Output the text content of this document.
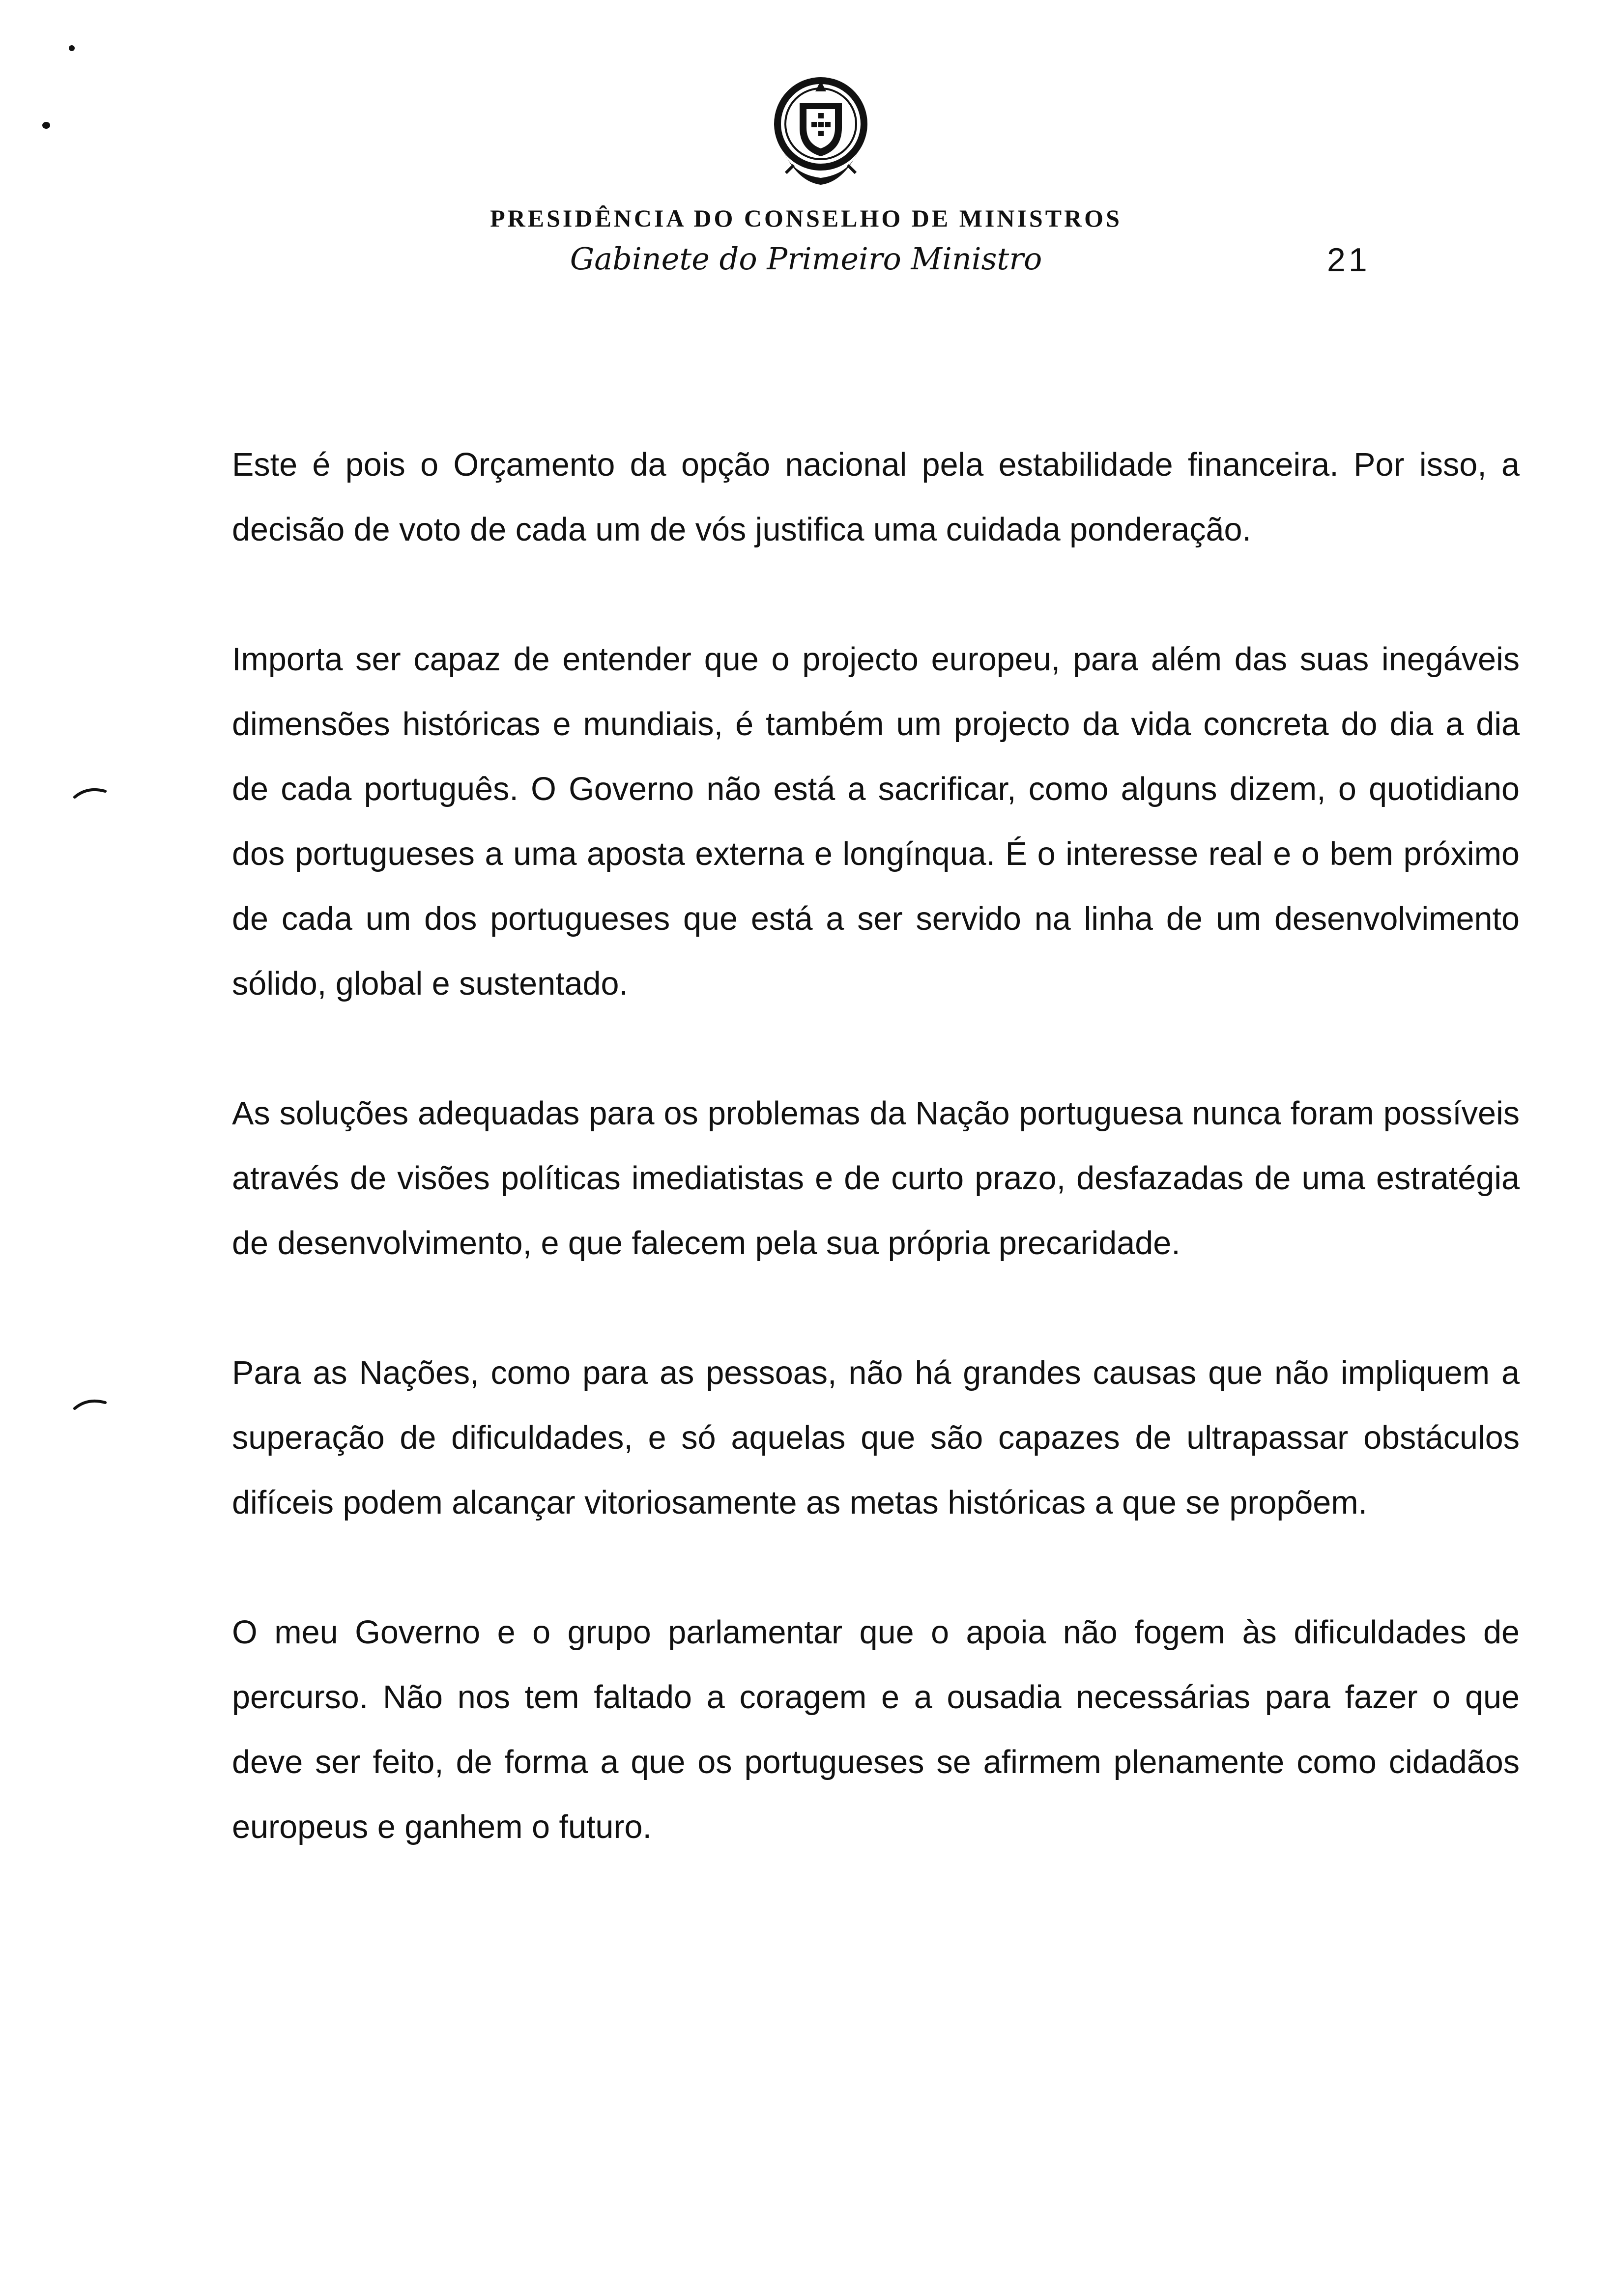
PRESIDÊNCIA DO CONSELHO DE MINISTROS
Gabinete do Primeiro Ministro	21

Este é pois o Orçamento da opção nacional pela estabilidade financeira. Por isso, a decisão de voto de cada um de vós justifica uma cuidada ponderação.

Importa ser capaz de entender que o projecto europeu, para além das suas inegáveis dimensões históricas e mundiais, é também um projecto da vida concreta do dia a dia de cada português. O Governo não está a sacrificar, como alguns dizem, o quotidiano dos portugueses a uma aposta externa e longínqua. É o interesse real e o bem próximo de cada um dos portugueses que está a ser servido na linha de um desenvolvimento sólido, global e sustentado.

As soluções adequadas para os problemas da Nação portuguesa nunca foram possíveis através de visões políticas imediatistas e de curto prazo, desfazadas de uma estratégia de desenvolvimento, e que falecem pela sua própria precaridade.

Para as Nações, como para as pessoas, não há grandes causas que não impliquem a superação de dificuldades, e só aquelas que são capazes de ultrapassar obstáculos difíceis podem alcançar vitoriosamente as metas históricas a que se propõem.

O meu Governo e o grupo parlamentar que o apoia não fogem às dificuldades de percurso. Não nos tem faltado a coragem e a ousadia necessárias para fazer o que deve ser feito, de forma a que os portugueses se afirmem plenamente como cidadãos europeus e ganhem o futuro.
